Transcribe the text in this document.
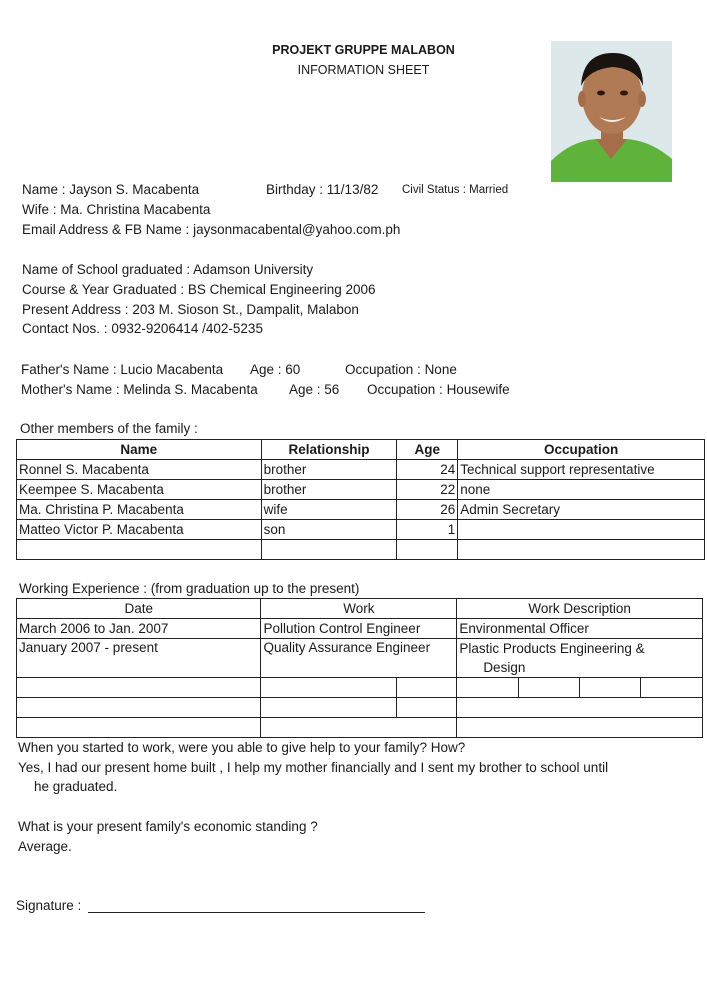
PROJEKT GRUPPE MALABON
INFORMATION SHEET
Name : Jayson S. Macabenta	Birthday : 11/13/82 Civil Status : Married
Wife : Ma. Christina Macabenta
Email Address & FB Name : jaysonmacabental@yahoo.com.ph
Name of School graduated : Adamson University
Course & Year Graduated : BS Chemical Engineering 2006
Present Address : 203 M. Sioson St., Dampalit, Malabon
Contact Nos. : 0932-9206414 /402-5235
Father's Name : Lucio Macabenta Age : 60	Occupation : None
Mother's Name : Melinda S. Macabenta Age : 56 Occupation : Housewife
Other members of the family :
Name	Relationship	Age	Occupation
Ronnel S. Macabenta	brother	24	Technical support representative
Keempee S. Macabenta	brother	22	none
Ma. Christina P. Macabenta	wife	26	Admin Secretary
Matteo Victor P. Macabenta	son	1	

Working Experience : (from graduation up to the present)
Date	Work		Work Description			
March 2006 to Jan. 2007	Pollution Control Engineer		Environmental Officer			
January 2007 - present	Quality Assurance Engineer		Plastic Products Engineering &			
			Design			

When you started to work, were you able to give help to your family? How?
Yes, I had our present home built , I help my mother financially and I sent my brother to school until
he graduated.
What is your present family's economic standing ?
Average.
Signature :
